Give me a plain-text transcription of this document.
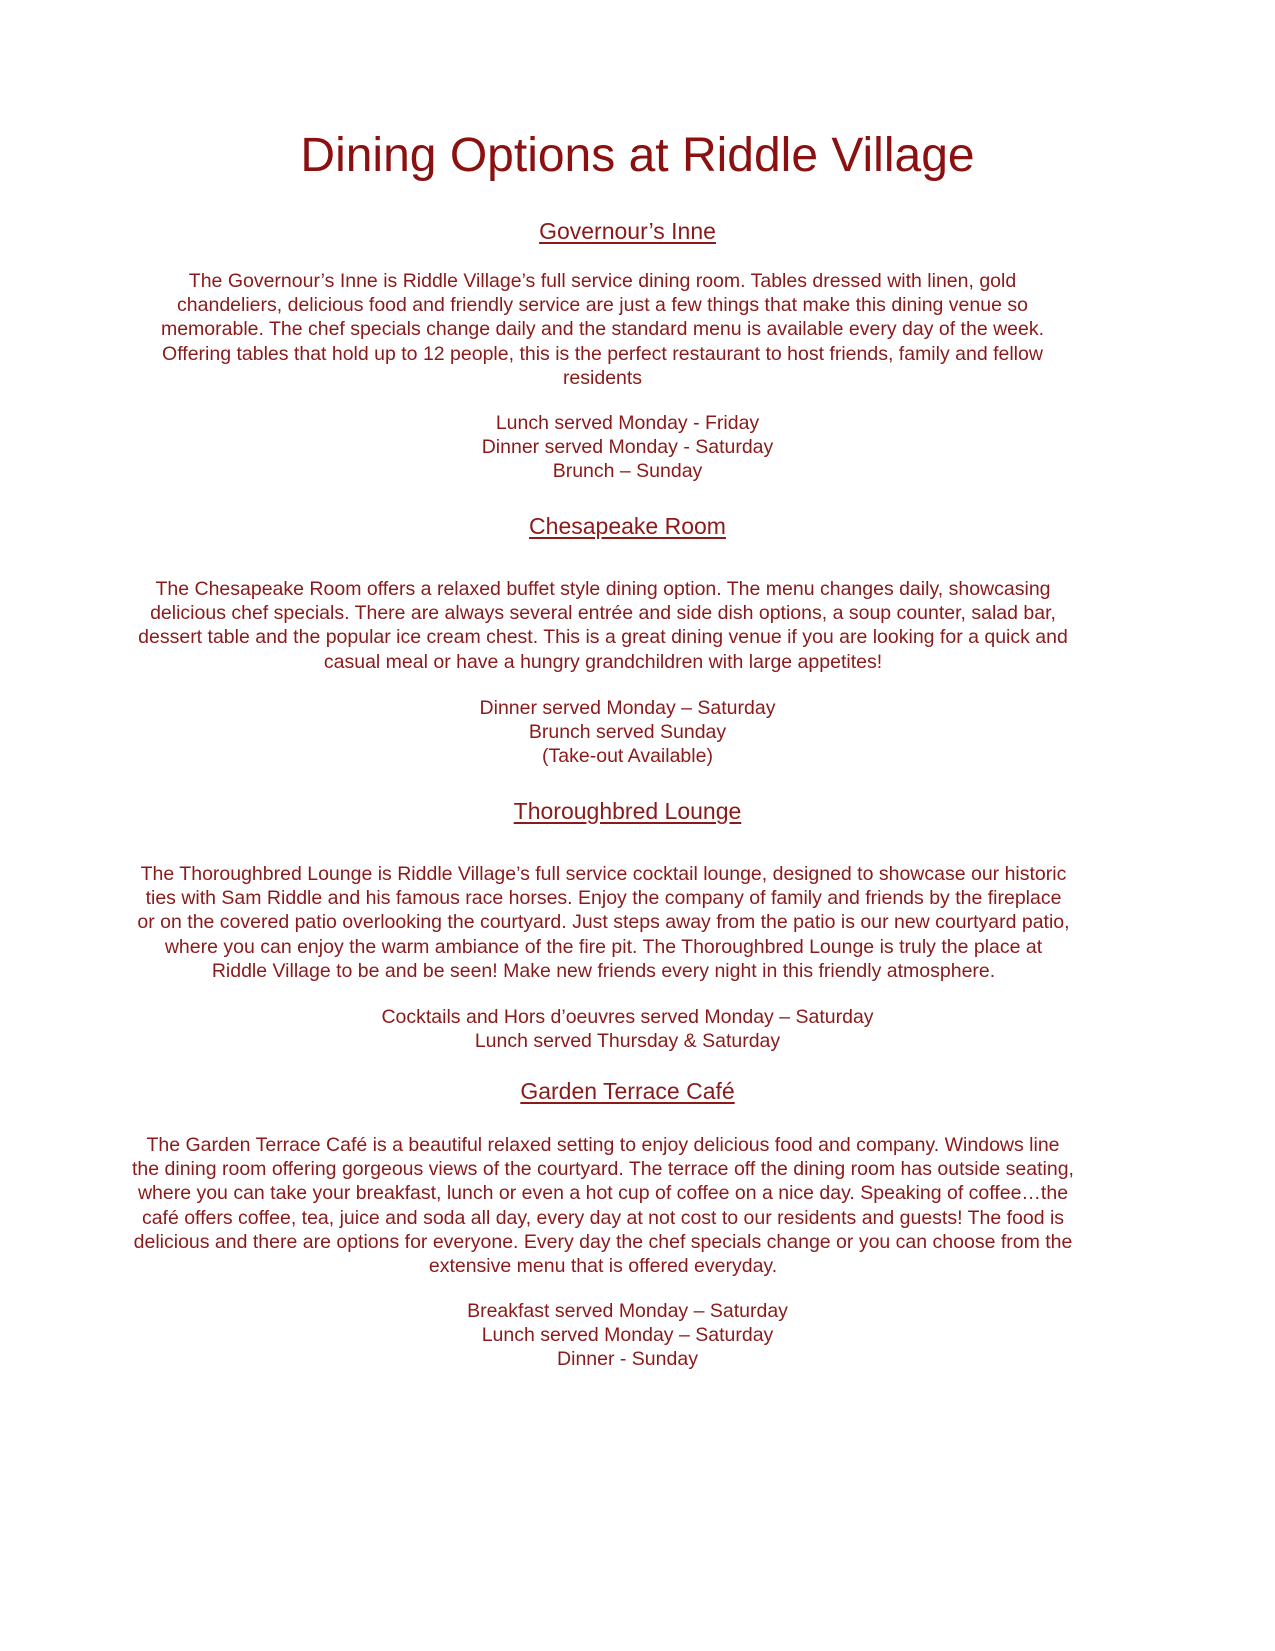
Dining Options at Riddle Village
Governour’s Inne

The Governour’s Inne is Riddle Village’s full service dining room. Tables dressed with linen, gold chandeliers, delicious food and friendly service are just a few things that make this dining venue so memorable. The chef specials change daily and the standard menu is available every day of the week. Offering tables that hold up to 12 people, this is the perfect restaurant to host friends, family and fellow residents

Lunch served Monday - Friday
Dinner served Monday - Saturday
Brunch – Sunday
Chesapeake Room

The Chesapeake Room offers a relaxed buffet style dining option. The menu changes daily, showcasing delicious chef specials. There are always several entrée and side dish options, a soup counter, salad bar, dessert table and the popular ice cream chest. This is a great dining venue if you are looking for a quick and casual meal or have a hungry grandchildren with large appetites!

Dinner served Monday – Saturday
Brunch served Sunday
(Take-out Available)
Thoroughbred Lounge

The Thoroughbred Lounge is Riddle Village’s full service cocktail lounge, designed to showcase our historic ties with Sam Riddle and his famous race horses. Enjoy the company of family and friends by the fireplace or on the covered patio overlooking the courtyard. Just steps away from the patio is our new courtyard patio, where you can enjoy the warm ambiance of the fire pit. The Thoroughbred Lounge is truly the place at Riddle Village to be and be seen! Make new friends every night in this friendly atmosphere.

Cocktails and Hors d’oeuvres served Monday – Saturday
Lunch served Thursday & Saturday
Garden Terrace Café

The Garden Terrace Café is a beautiful relaxed setting to enjoy delicious food and company. Windows line the dining room offering gorgeous views of the courtyard. The terrace off the dining room has outside seating, where you can take your breakfast, lunch or even a hot cup of coffee on a nice day. Speaking of coffee…the café offers coffee, tea, juice and soda all day, every day at not cost to our residents and guests! The food is delicious and there are options for everyone. Every day the chef specials change or you can choose from the extensive menu that is offered everyday.

Breakfast served Monday – Saturday
Lunch served Monday – Saturday
Dinner - Sunday
